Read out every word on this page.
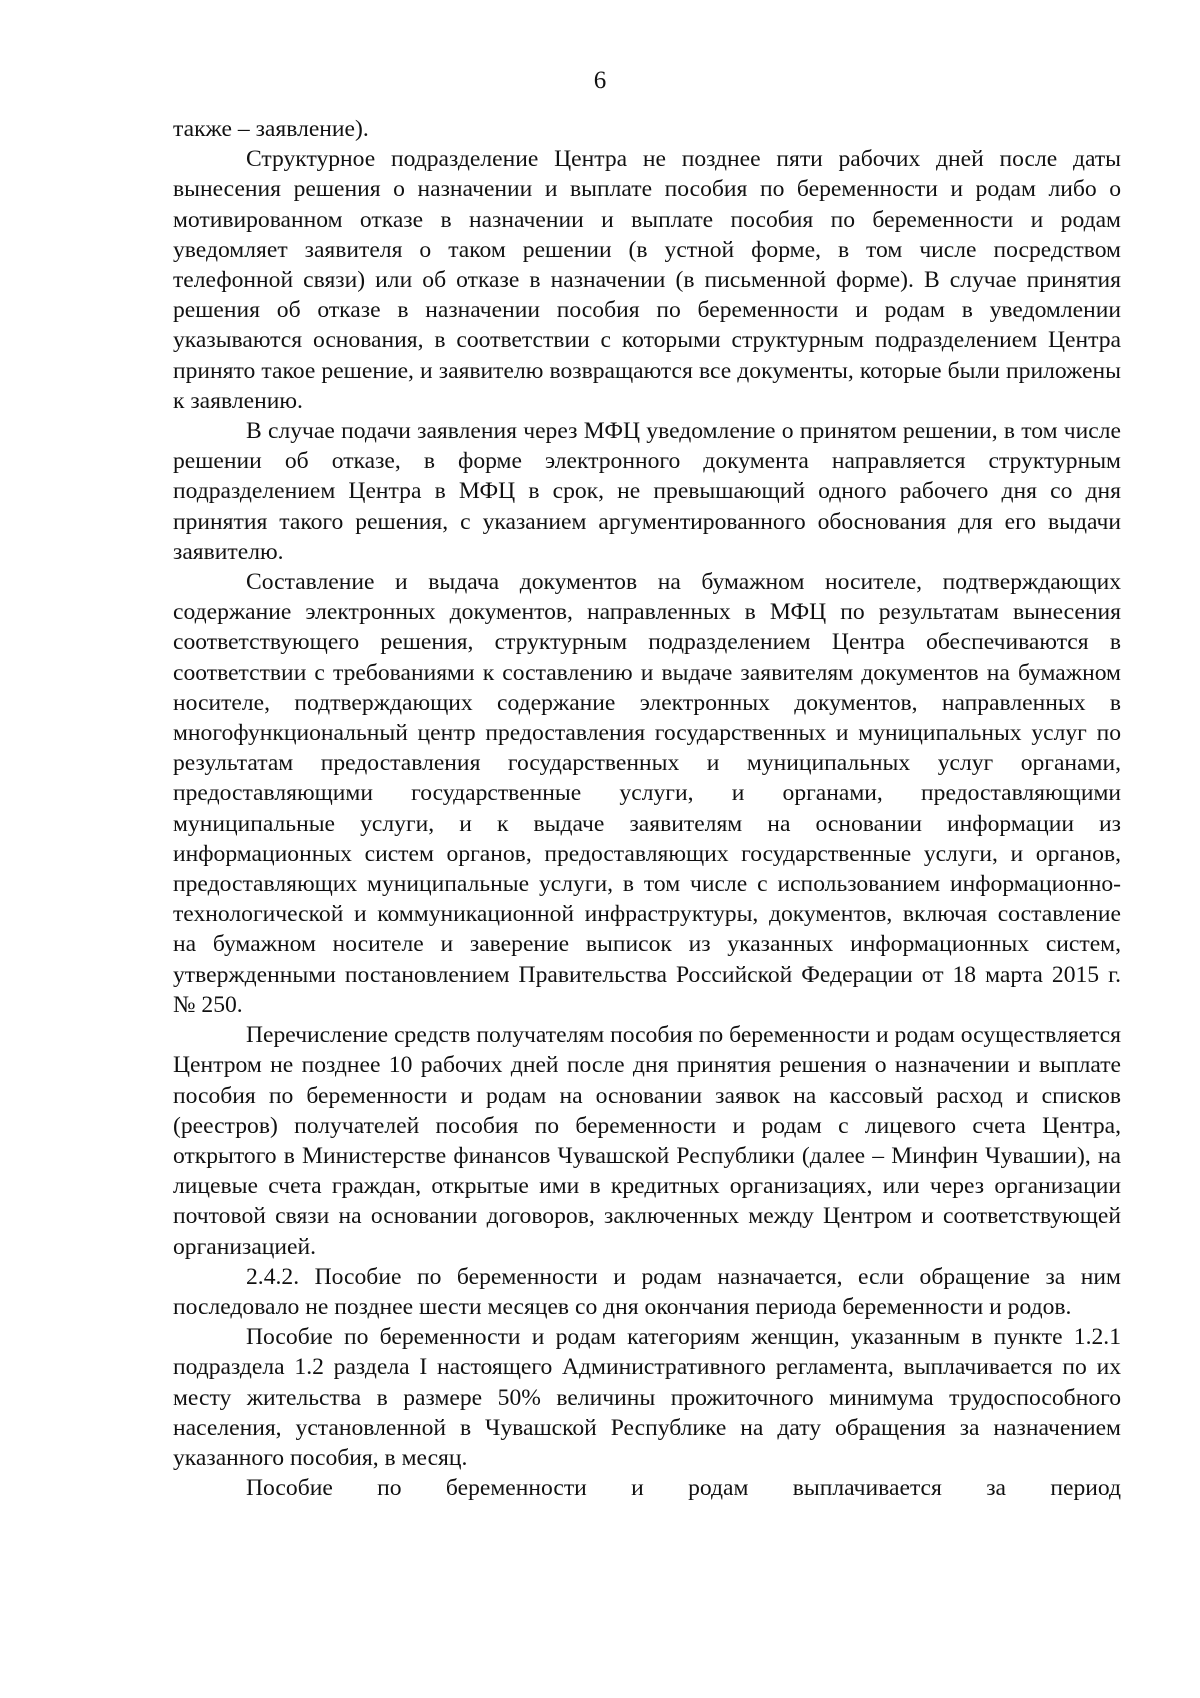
6

также – заявление).

Структурное подразделение Центра не позднее пяти рабочих дней после даты вынесения решения о назначении и выплате пособия по беременности и родам либо о мотивированном отказе в назначении и выплате пособия по беременности и родам уведомляет заявителя о таком решении (в устной форме, в том числе посредством телефонной связи) или об отказе в назначении (в письменной форме). В случае принятия решения об отказе в назначении пособия по беременности и родам в уведомлении указываются основания, в соответствии с которыми структурным подразделением Центра принято такое решение, и заявителю возвращаются все документы, которые были приложены к заявлению.

В случае подачи заявления через МФЦ уведомление о принятом решении, в том числе решении об отказе, в форме электронного документа направляется структурным подразделением Центра в МФЦ в срок, не превышающий одного рабочего дня со дня принятия такого решения, с указанием аргументированного обоснования для его выдачи заявителю.

Составление и выдача документов на бумажном носителе, подтверждающих содержание электронных документов, направленных в МФЦ по результатам вынесения соответствующего решения, структурным подразделением Центра обеспечиваются в соответствии с требованиями к составлению и выдаче заявителям документов на бумажном носителе, подтверждающих содержание электронных документов, направленных в многофункциональный центр предоставления государственных и муниципальных услуг по результатам предоставления государственных и муниципальных услуг органами, предоставляющими государственные услуги, и органами, предоставляющими муниципальные услуги, и к выдаче заявителям на основании информации из информационных систем органов, предоставляющих государственные услуги, и органов, предоставляющих муниципальные услуги, в том числе с использованием информационно-технологической и коммуникационной инфраструктуры, документов, включая составление на бумажном носителе и заверение выписок из указанных информационных систем, утвержденными постановлением Правительства Российской Федерации от 18 марта 2015 г. № 250.

Перечисление средств получателям пособия по беременности и родам осуществляется Центром не позднее 10 рабочих дней после дня принятия решения о назначении и выплате пособия по беременности и родам на основании заявок на кассовый расход и списков (реестров) получателей пособия по беременности и родам с лицевого счета Центра, открытого в Министерстве финансов Чувашской Республики (далее – Минфин Чувашии), на лицевые счета граждан, открытые ими в кредитных организациях, или через организации почтовой связи на основании договоров, заключенных между Центром и соответствующей организацией.

2.4.2. Пособие по беременности и родам назначается, если обращение за ним последовало не позднее шести месяцев со дня окончания периода беременности и родов.

Пособие по беременности и родам категориям женщин, указанным в пункте 1.2.1 подраздела 1.2 раздела I настоящего Административного регламента, выплачивается по их месту жительства в размере 50% величины прожиточного минимума трудоспособного населения, установленной в Чувашской Республике на дату обращения за назначением указанного пособия, в месяц.

Пособие по беременности и родам выплачивается за период
